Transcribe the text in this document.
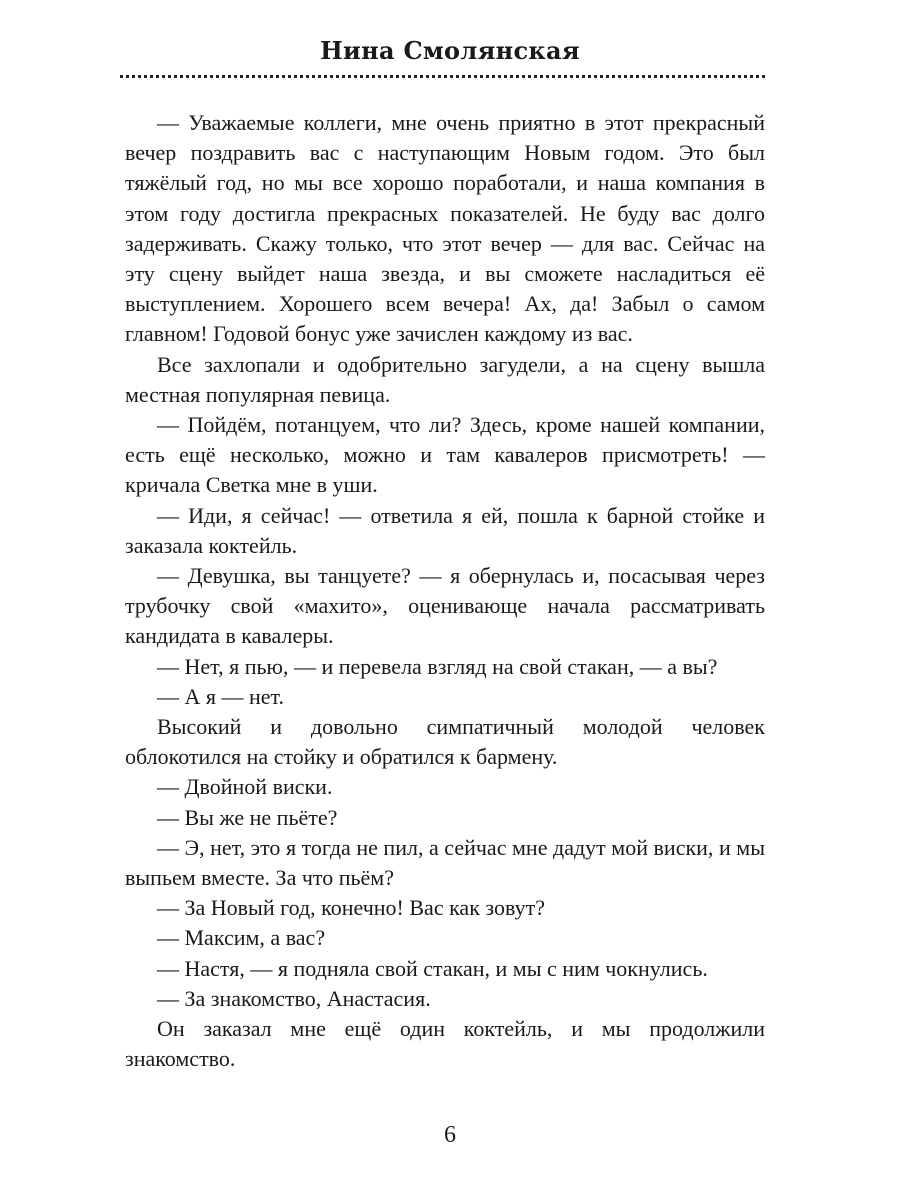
Нина Смолянская

— Уважаемые коллеги, мне очень приятно в этот прекрасный вечер поздравить вас с наступающим Новым годом. Это был тяжёлый год, но мы все хорошо поработали, и наша компания в этом году достигла прекрасных показателей. Не буду вас долго задерживать. Скажу только, что этот вечер — для вас. Сейчас на эту сцену выйдет наша звезда, и вы сможете насладиться её выступлением. Хорошего всем вечера! Ах, да! Забыл о самом главном! Годовой бонус уже зачислен каждому из вас.

Все захлопали и одобрительно загудели, а на сцену вышла местная популярная певица.

— Пойдём, потанцуем, что ли? Здесь, кроме нашей компании, есть ещё несколько, можно и там кавалеров присмотреть! — кричала Светка мне в уши.

— Иди, я сейчас! — ответила я ей, пошла к барной стойке и заказала коктейль.

— Девушка, вы танцуете? — я обернулась и, посасывая через трубочку свой «махито», оценивающе начала рассматривать кандидата в кавалеры.

— Нет, я пью, — и перевела взгляд на свой стакан, — а вы?

— А я — нет.

Высокий и довольно симпатичный молодой человек облокотился на стойку и обратился к бармену.

— Двойной виски.

— Вы же не пьёте?

— Э, нет, это я тогда не пил, а сейчас мне дадут мой виски, и мы выпьем вместе. За что пьём?

— За Новый год, конечно! Вас как зовут?

— Максим, а вас?

— Настя, — я подняла свой стакан, и мы с ним чокнулись.

— За знакомство, Анастасия.

Он заказал мне ещё один коктейль, и мы продолжили знакомство.

6
